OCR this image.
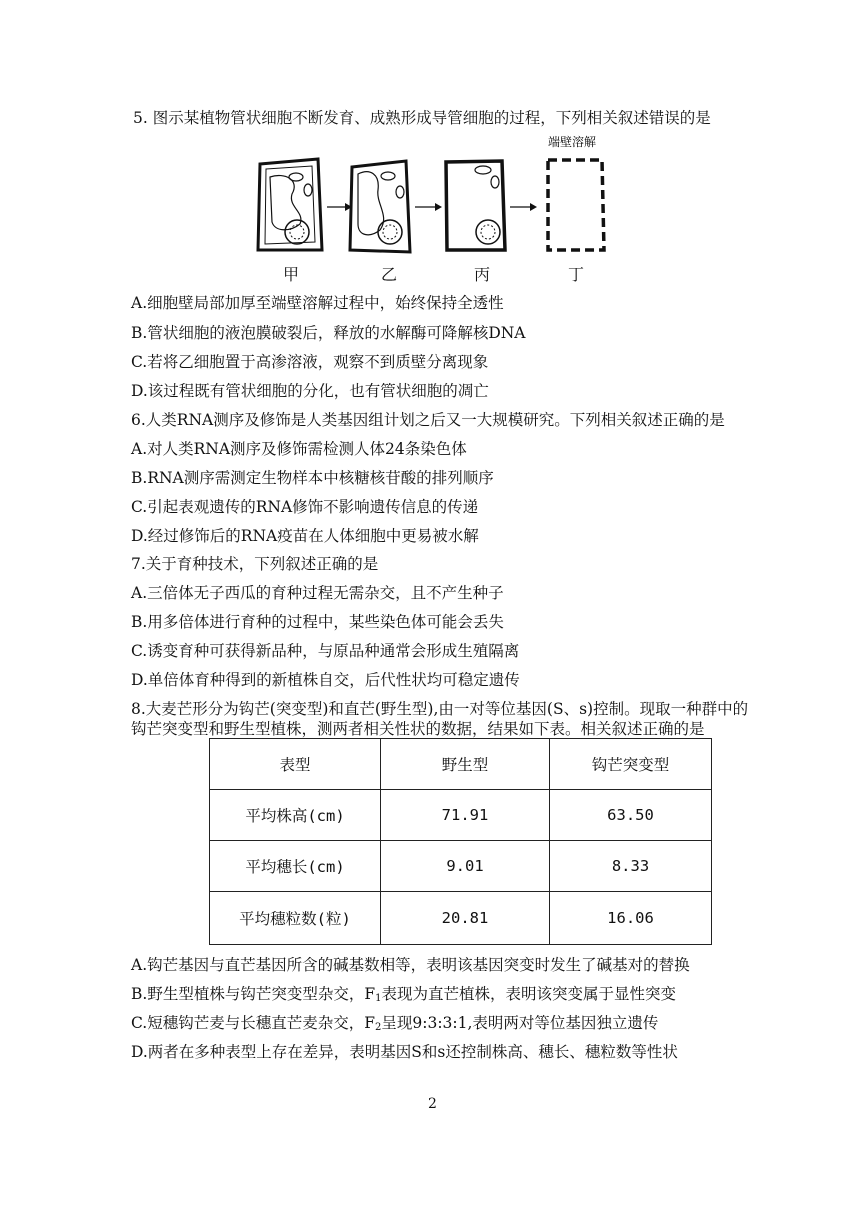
5. 图示某植物管状细胞不断发育、成熟形成导管细胞的过程，下列相关叙述错误的是
端壁溶解
甲	乙	丙	丁
A.细胞壁局部加厚至端壁溶解过程中，始终保持全透性
B.管状细胞的液泡膜破裂后，释放的水解酶可降解核DNA
C.若将乙细胞置于高渗溶液，观察不到质壁分离现象
D.该过程既有管状细胞的分化，也有管状细胞的凋亡
6.人类RNA测序及修饰是人类基因组计划之后又一大规模研究。下列相关叙述正确的是
A.对人类RNA测序及修饰需检测人体24条染色体
B.RNA测序需测定生物样本中核糖核苷酸的排列顺序
C.引起表观遗传的RNA修饰不影响遗传信息的传递
D.经过修饰后的RNA疫苗在人体细胞中更易被水解
7.关于育种技术，下列叙述正确的是
A.三倍体无子西瓜的育种过程无需杂交，且不产生种子
B.用多倍体进行育种的过程中，某些染色体可能会丢失
C.诱变育种可获得新品种，与原品种通常会形成生殖隔离
D.单倍体育种得到的新植株自交，后代性状均可稳定遗传
8.大麦芒形分为钩芒(突变型)和直芒(野生型),由一对等位基因(S、s)控制。现取一种群中的
钩芒突变型和野生型植株，测两者相关性状的数据，结果如下表。相关叙述正确的是
表型	野生型	钩芒突变型
平均株高(cm)	71.91	63.50
平均穗长(cm)	9.01	8.33
平均穗粒数(粒)	20.81	16.06
A.钩芒基因与直芒基因所含的碱基数相等，表明该基因突变时发生了碱基对的替换
B.野生型植株与钩芒突变型杂交，$F_1$表现为直芒植株，表明该突变属于显性突变
C.短穗钩芒麦与长穗直芒麦杂交，$F_2$呈现9:3:3:1,表明两对等位基因独立遗传
D.两者在多种表型上存在差异，表明基因S和s还控制株高、穗长、穗粒数等性状
2
